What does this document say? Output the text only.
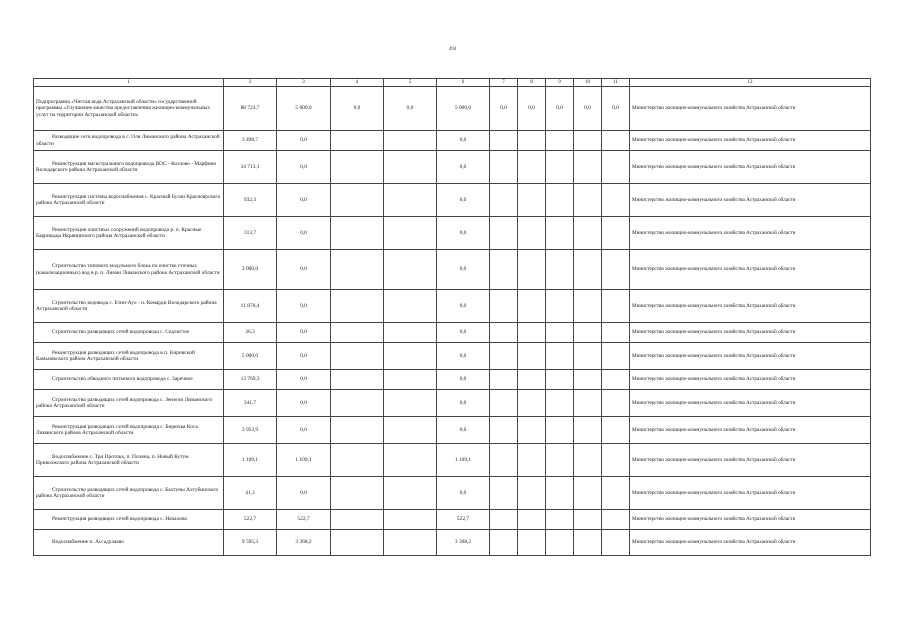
494
1	2	3	4	5	6	7	8	9	10	11	12
Подпрограмма «Чистая вода Астраханской области» государственной программы «Улучшение качества предоставления жилищно-коммунальных услуг на территории Астраханской области»	88 723,7	5 000,0	0,0	0,0	5 000,0	0,0	0,0	0,0	0,0	0,0	Министерство жилищно-коммунального хозяйства Астраханской области
Разводящие сети водопровода в с. Оля Лиманского района Астраханской области	3 498,7	0,0			0,0						Министерство жилищно-коммунального хозяйства Астраханской области
Реконструкция магистрального водопровода ВОС - Козлово - Марфино Володарского района Астраханской области	34 713,1	0,0			0,0						Министерство жилищно-коммунального хозяйства Астраханской области
Реконструкция системы водоснабжения с. Красный Бузан Красноярского района Астраханской области	932,3	0,0			0,0						Министерство жилищно-коммунального хозяйства Астраханской области
Реконструкция очистных сооружений водопровода р. п. Красные Баррикады Икрянинского района Астраханской области	313,7	0,0			0,0						Министерство жилищно-коммунального хозяйства Астраханской области
Строительство типового модульного блока по очистке сточных (канализационных) вод в р. п. Лиман Лиманского района Астраханской области	3 000,0	0,0			0,0						Министерство жилищно-коммунального хозяйства Астраханской области
Строительство водовода с. Етни-Аул - п. Комарди Володарского района Астраханской области	11 878,4	0,0			0,0						Министерство жилищно-коммунального хозяйства Астраханской области
Строительство разводящих сетей водопровода с. Седлистое	36,3	0,0			0,0						Министерство жилищно-коммунального хозяйства Астраханской области
Реконструкция разводящих сетей водопровода в п. Кировский Камызякского района Астраханской области	5 000,0	0,0			0,0						Министерство жилищно-коммунального хозяйства Астраханской области
Строительство обводного питьевого водопровода с. Заречное	13 769,3	0,0			0,0						Министерство жилищно-коммунального хозяйства Астраханской области
Строительство разводящих сетей водопровода с. Зензели Лиманского района Астраханской области	341,7	0,0			0,0						Министерство жилищно-коммунального хозяйства Астраханской области
Реконструкция разводящих сетей водопровода с. Бирючья Коса Лиманского района Астраханской области	3 953,9	0,0			0,0						Министерство жилищно-коммунального хозяйства Астраханской области
Водоснабжение с. Три Протока, п. Поляна, п. Новый Кутум Приволжского района Астраханской области	1 109,1	1 109,1			1 109,1						Министерство жилищно-коммунального хозяйства Астраханской области
Строительство разводящих сетей водопровода с. Бахтуны Ахтубинского района Астраханской области	41,3	0,0			0,0						Министерство жилищно-коммунального хозяйства Астраханской области
Реконструкция разводящих сетей водопровода с. Началово	522,7	522,7			522,7						Министерство жилищно-коммунального хозяйства Астраханской области
Водоснабжение п. Ассадулаево	9 595,3	3 368,2			3 368,2						Министерство жилищно-коммунального хозяйства Астраханской области
